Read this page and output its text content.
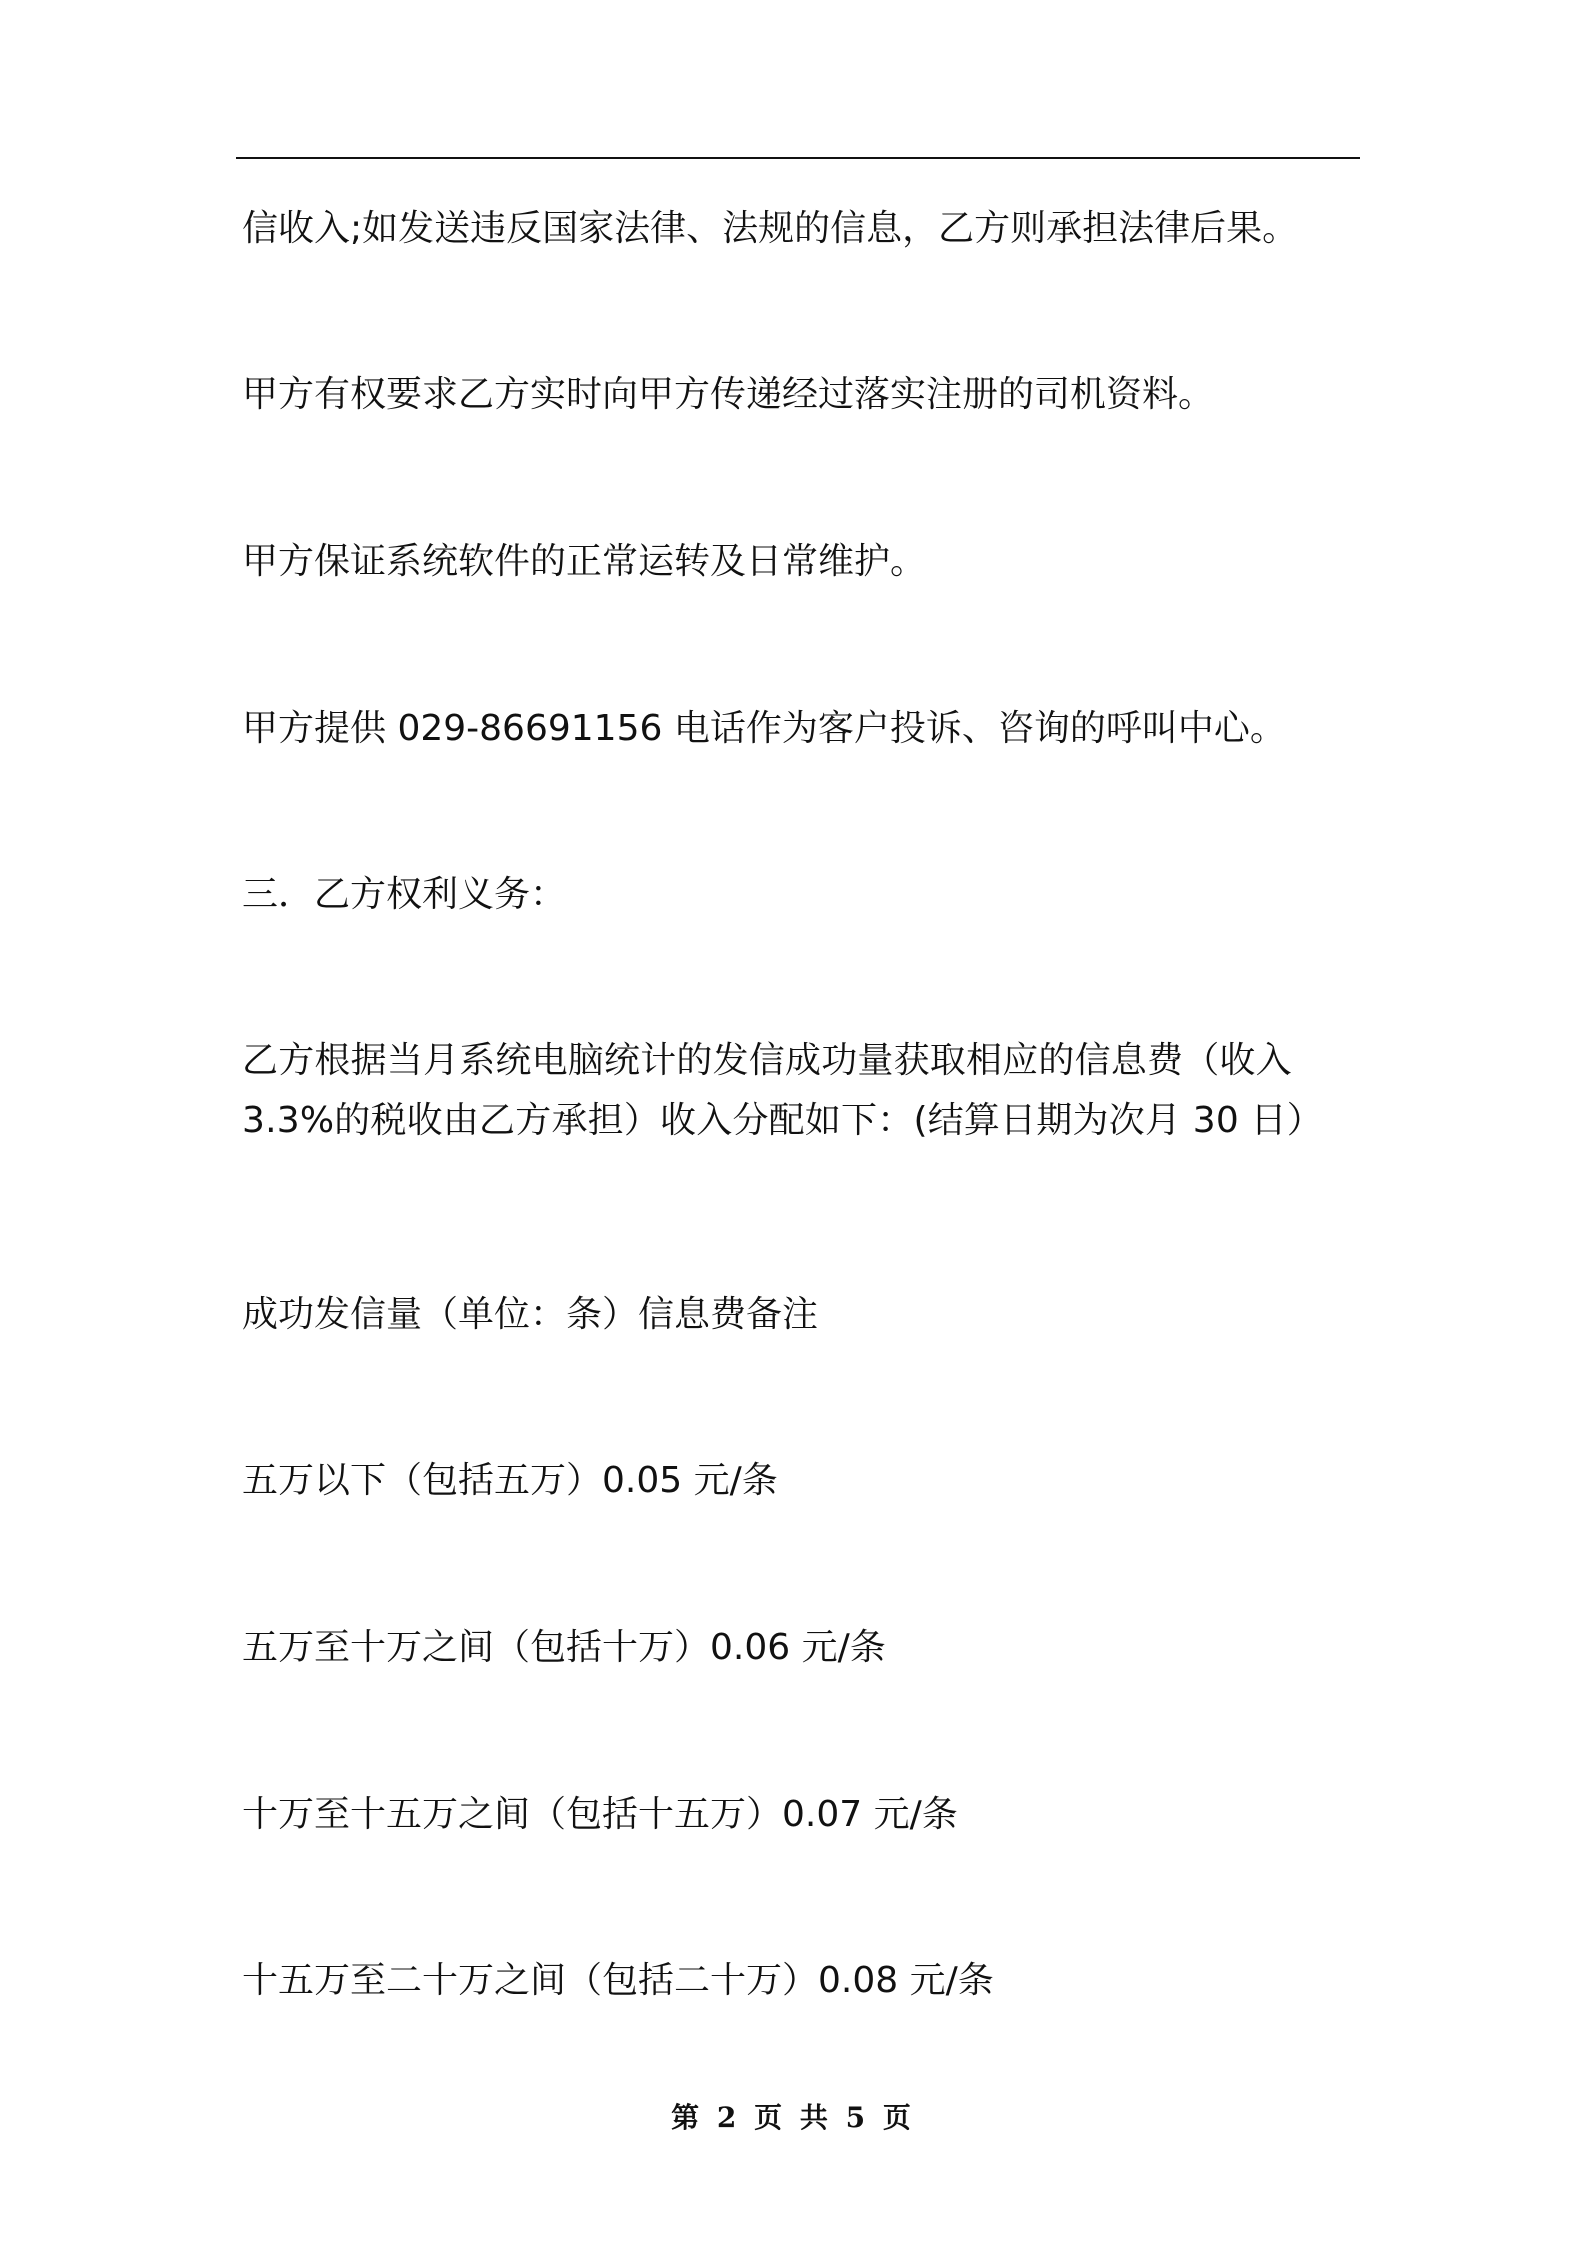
信收入;如发送违反国家法律、法规的信息，乙方则承担法律后果。
甲方有权要求乙方实时向甲方传递经过落实注册的司机资料。
甲方保证系统软件的正常运转及日常维护。
甲方提供 029-86691156 电话作为客户投诉、咨询的呼叫中心。
三．乙方权利义务：
乙方根据当月系统电脑统计的发信成功量获取相应的信息费（收入
3.3%的税收由乙方承担）收入分配如下：(结算日期为次月 30 日）
成功发信量（单位：条）信息费备注
五万以下（包括五万）0.05 元/条
五万至十万之间（包括十万）0.06 元/条
十万至十五万之间（包括十五万）0.07 元/条
十五万至二十万之间（包括二十万）0.08 元/条
第 2 页 共 5 页
